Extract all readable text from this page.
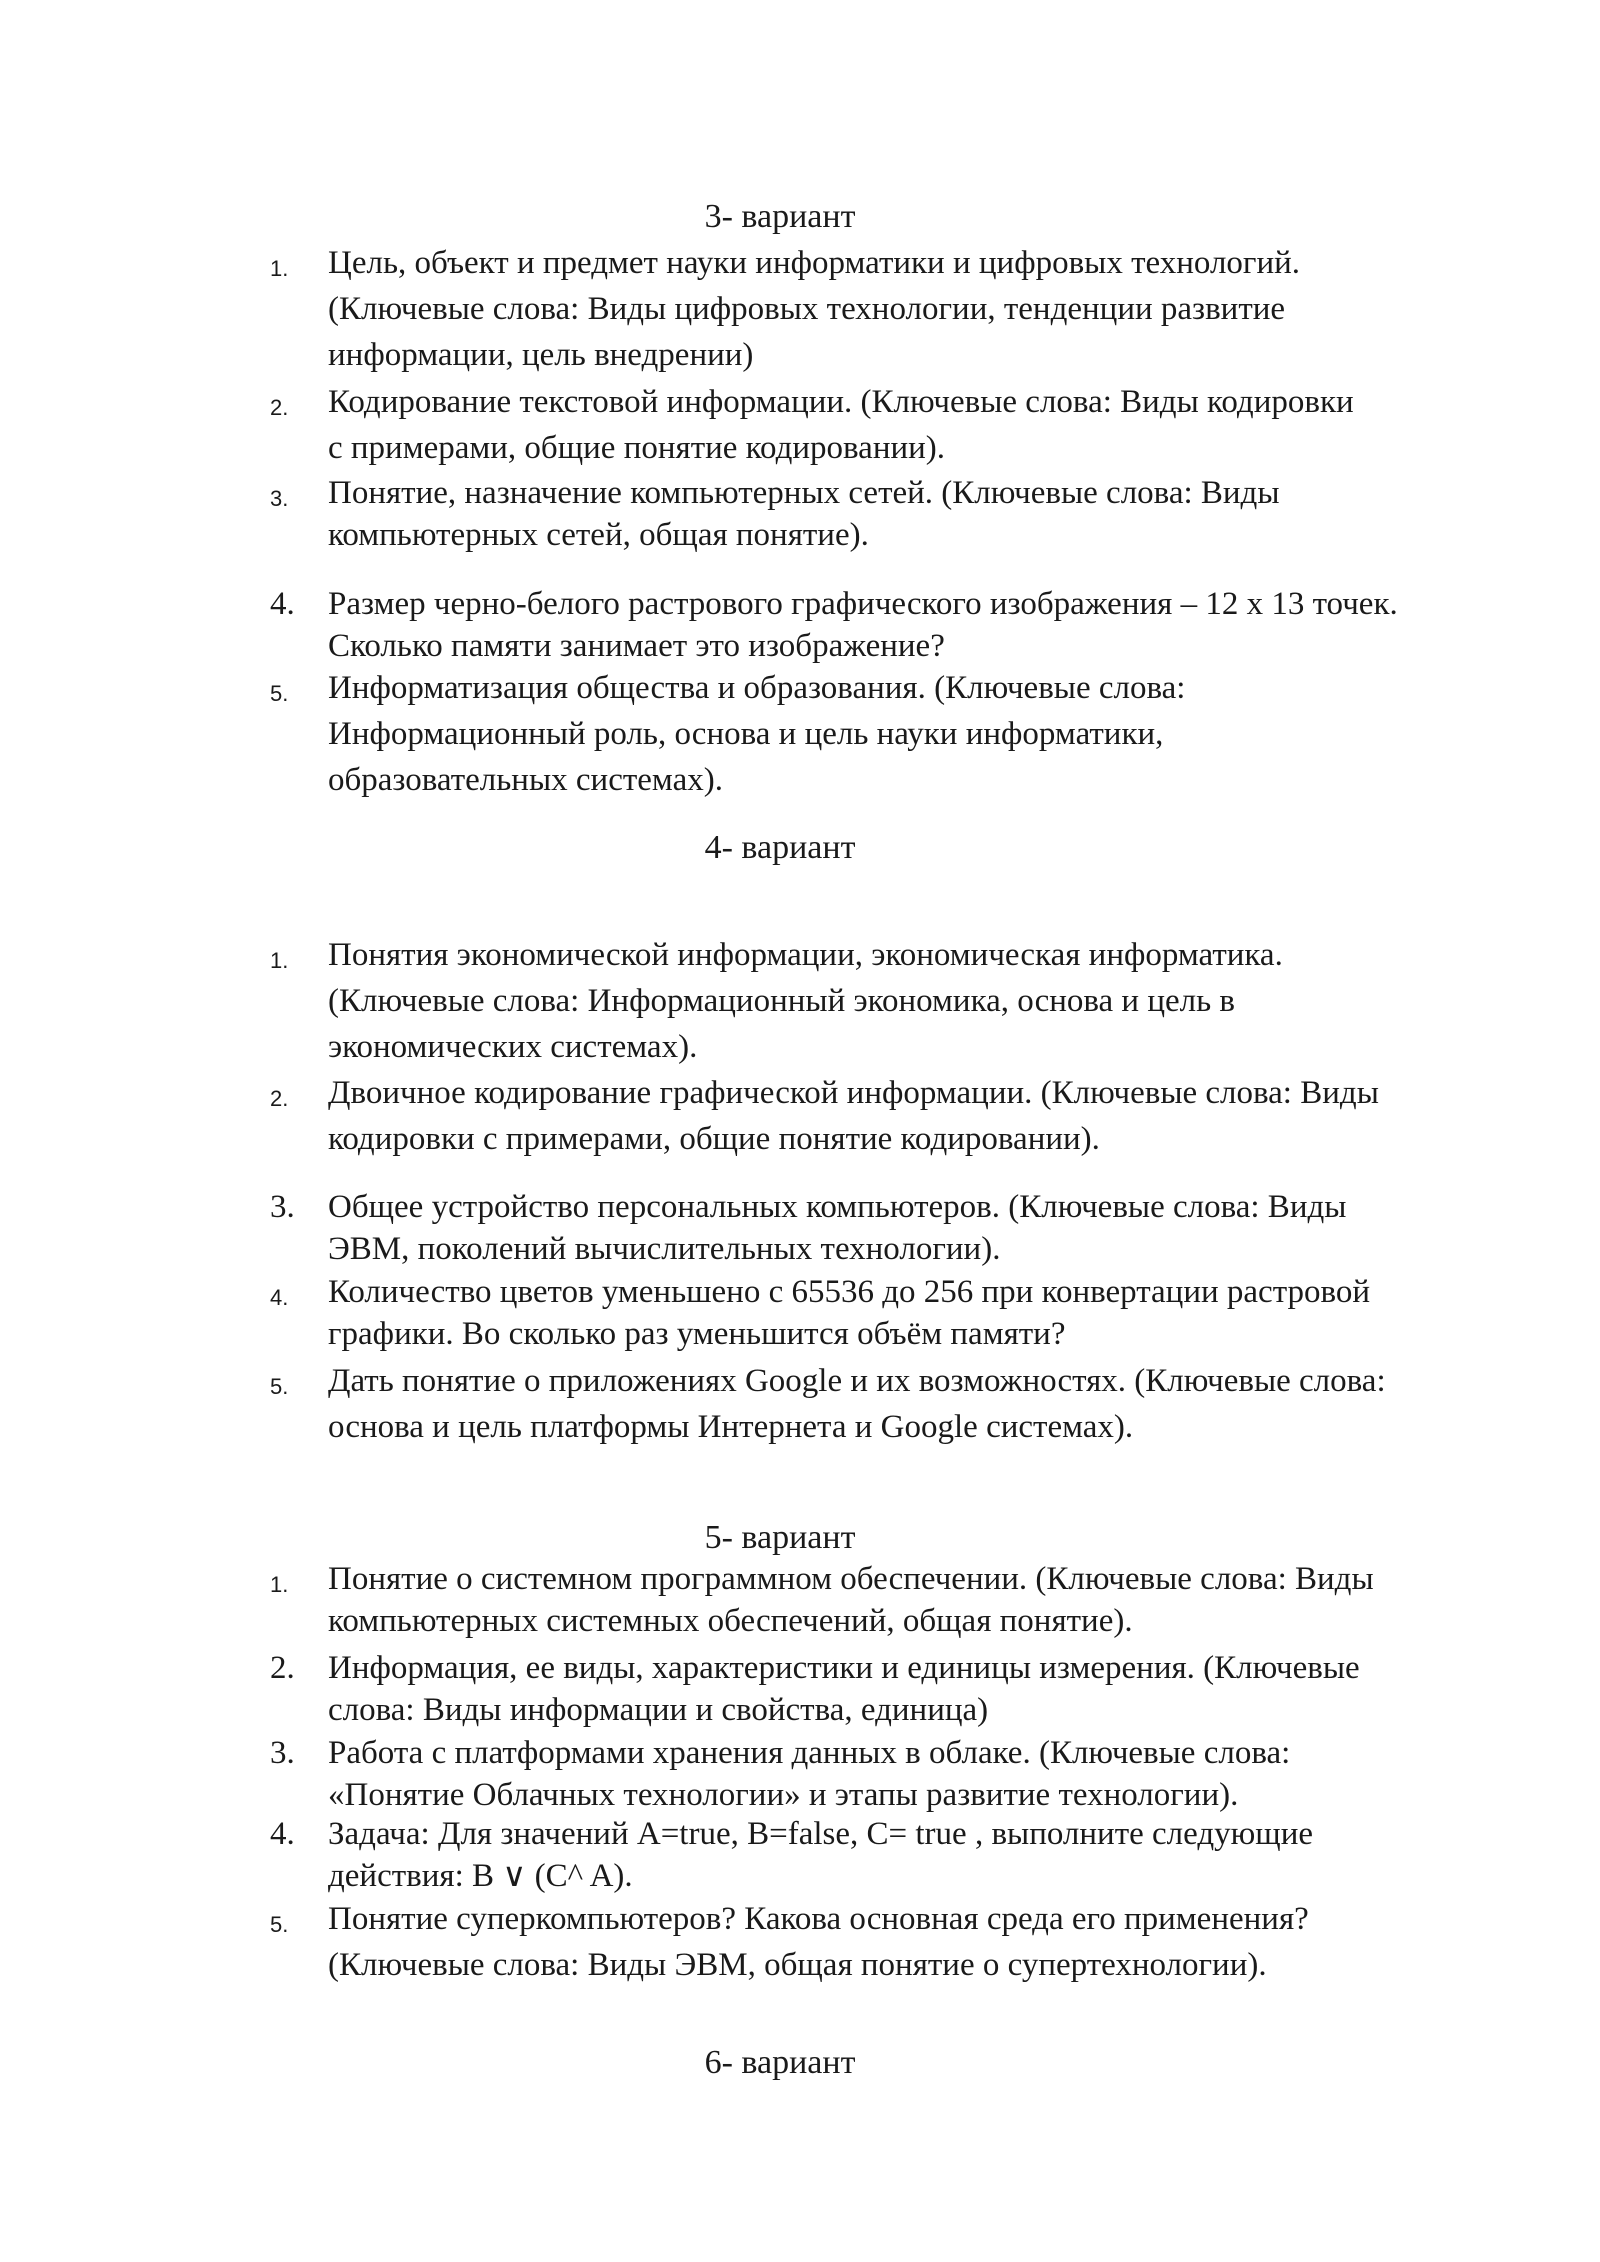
3- вариант
1.	Цель, объект и предмет науки информатики и цифровых технологий.
(Ключевые слова: Виды цифровых технологии, тенденции развитие
информации, цель внедрении)
2.	Кодирование текстовой информации. (Ключевые слова: Виды кодировки
с примерами, общие понятие кодировании).
3.	Понятие, назначение компьютерных сетей. (Ключевые слова: Виды
компьютерных сетей, общая понятие).
4.	Размер черно-белого растрового графического изображения – 12 х 13 точек.
Сколько памяти занимает это изображение?
5.	Информатизация общества и образования. (Ключевые слова:
Информационный роль, основа и цель науки информатики,
образовательных системах).
4- вариант
1.	Понятия экономической информации, экономическая информатика.
(Ключевые слова: Информационный экономика, основа и цель в
экономических системах).
2.	Двоичное кодирование графической информации. (Ключевые слова: Виды
кодировки с примерами, общие понятие кодировании).
3.	Общее устройство персональных компьютеров. (Ключевые слова: Виды
ЭВМ, поколений вычислительных технологии).
4.	Количество цветов уменьшено с 65536 до 256 при конвертации растровой
графики. Во сколько раз уменьшится объём памяти?
5.	Дать понятие о приложениях Google и их возможностях. (Ключевые слова:
основа и цель платформы Интернета и Google системах).
5- вариант
1.	Понятие о системном программном обеспечении. (Ключевые слова: Виды
компьютерных системных обеспечений, общая понятие).
2.	Информация, ее виды, характеристики и единицы измерения. (Ключевые
слова: Виды информации и свойства, единица)
3.	Работа с платформами хранения данных в облаке. (Ключевые слова:
«Понятие Облачных технологии» и этапы развитие технологии).
4.	Задача: Для значений A=true, B=false, C= true , выполните следующие
действия: B ∨ (C^ A).
5.	Понятие суперкомпьютеров? Какова основная среда его применения?
(Ключевые слова: Виды ЭВМ, общая понятие о супертехнологии).
6- вариант
